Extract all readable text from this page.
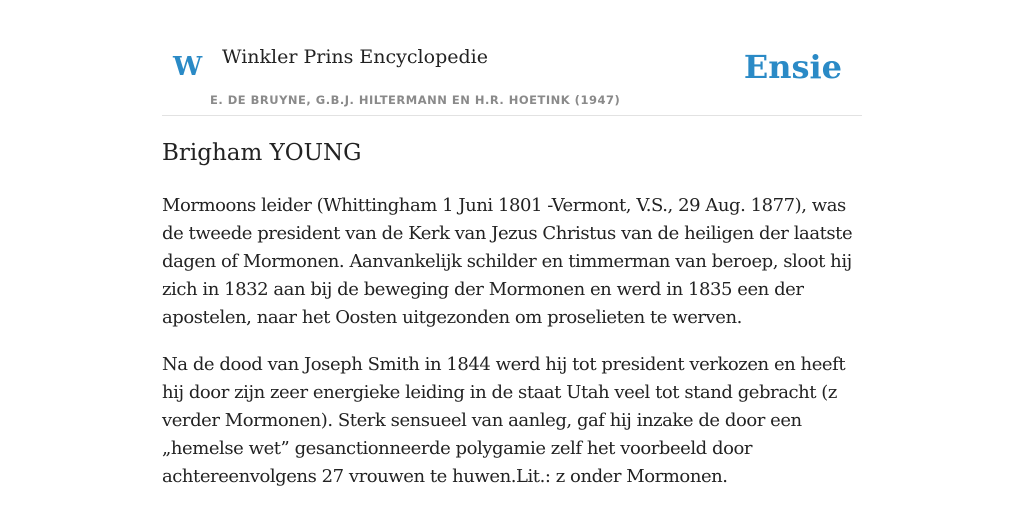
W Winkler Prins Encyclopedie
E. DE BRUYNE, G.B.J. HILTERMANN EN H.R. HOETINK (1947)
Ensie
Brigham YOUNG

Mormoons leider (Whittingham 1 Juni 1801 -Vermont, V.S., 29 Aug. 1877), was de tweede president van de Kerk van Jezus Christus van de heiligen der laatste dagen of Mormonen. Aanvankelijk schilder en timmerman van beroep, sloot hij zich in 1832 aan bij de beweging der Mormonen en werd in 1835 een der apostelen, naar het Oosten uitgezonden om proselieten te werven.

Na de dood van Joseph Smith in 1844 werd hij tot president verkozen en heeft hij door zijn zeer energieke leiding in de staat Utah veel tot stand gebracht (z verder Mormonen). Sterk sensueel van aanleg, gaf hij inzake de door een „hemelse wet” gesanctionneerde polygamie zelf het voorbeeld door achtereenvolgens 27 vrouwen te huwen.Lit.: z onder Mormonen.
